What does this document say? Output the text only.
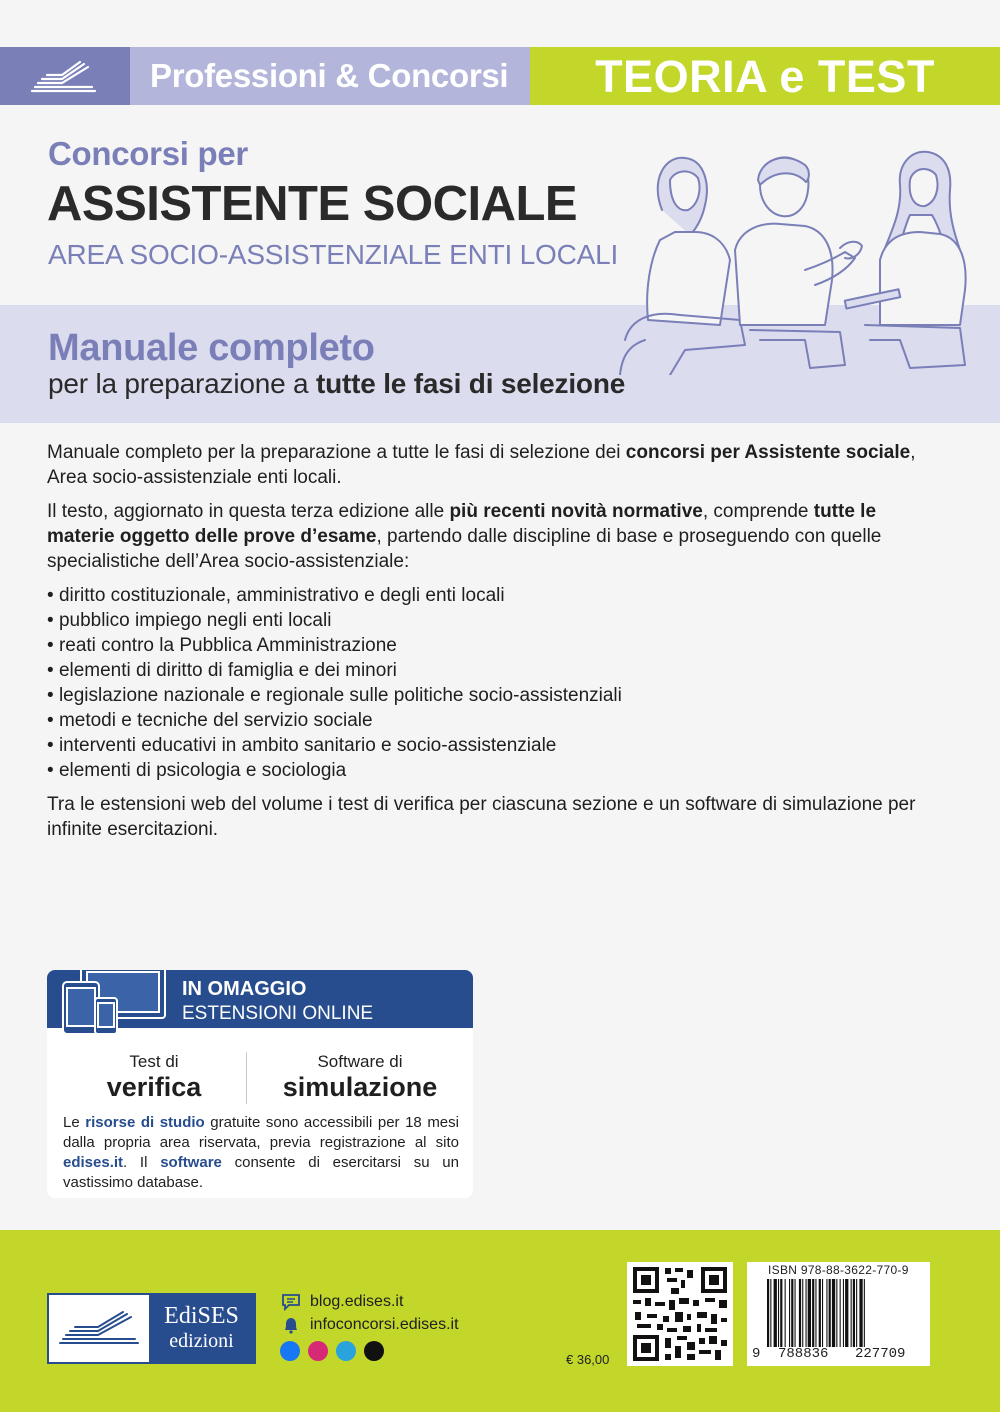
Professioni & Concorsi	TEORIA e TEST
Concorsi per
ASSISTENTE SOCIALE
AREA SOCIO-ASSISTENZIALE ENTI LOCALI
Manuale completo
per la preparazione a tutte le fasi di selezione

Manuale completo per la preparazione a tutte le fasi di selezione dei concorsi per Assistente sociale, Area socio-assistenziale enti locali.

Il testo, aggiornato in questa terza edizione alle più recenti novità normative, comprende tutte le materie oggetto delle prove d’esame, partendo dalle discipline di base e proseguendo con quelle specialistiche dell’Area socio-assistenziale:

• diritto costituzionale, amministrativo e degli enti locali
• pubblico impiego negli enti locali
• reati contro la Pubblica Amministrazione
• elementi di diritto di famiglia e dei minori
• legislazione nazionale e regionale sulle politiche socio-assistenziali
• metodi e tecniche del servizio sociale
• interventi educativi in ambito sanitario e socio-assistenziale
• elementi di psicologia e sociologia

Tra le estensioni web del volume i test di verifica per ciascuna sezione e un software di simulazione per infinite esercitazioni.

IN OMAGGIO
ESTENSIONI ONLINE
Test di
verifica
Software di
simulazione
Le risorse di studio gratuite sono accessibili per 18 mesi dalla propria area riservata, previa registrazione al sito edises.it. Il software consente di esercitarsi su un vastissimo database.
EdiSES
edizioni
blog.edises.it
infoconcorsi.edises.it
€ 36,00
ISBN 978-88-3622-770-9
9 788836 227709
